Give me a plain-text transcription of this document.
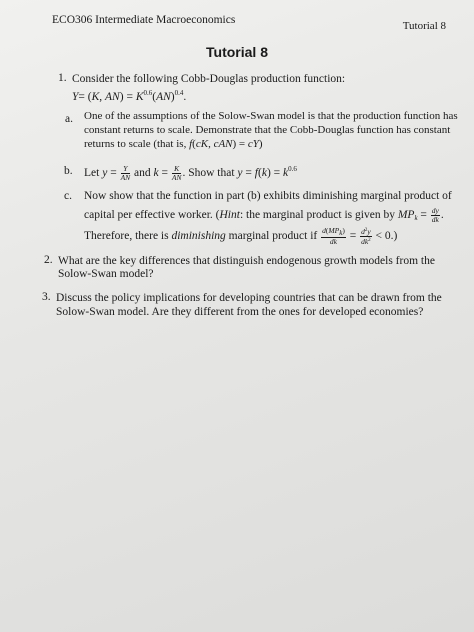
ECO306 Intermediate Macroeconomics	Tutorial 8
Tutorial 8
1. Consider the following Cobb-Douglas production function:
Y= (K, $AN) = K^{0.6}(AN)^{0.4}$.
a. One of the assumptions of the Solow-Swan model is that the production function has
constant returns to scale. Demonstrate that the Cobb-Douglas function has constant
returns to scale (that is, f(cK, cAN) = cY)
b. Let $y = \frac{Y}{AN}$ and $k = \frac{K}{AN}$ . Show that $y = f(k) = k^{0.6}$
c. Now show that the function in part (b) exhibits diminishing marginal product of
capital per effective worker. (Hint: the marginal product is given by $MP_k = \frac{dy}{dk}$ .
Therefore, there is diminishing marginal product if $\frac{d(MP_k)}{dk} = \frac{d^2y}{dk^2} < 0$.)
2. What are the key differences that distinguish endogenous growth models from the
Solow-Swan model?
3. Discuss the policy implications for developing countries that can be drawn from the
Solow-Swan model. Are they different from the ones for developed economies?
